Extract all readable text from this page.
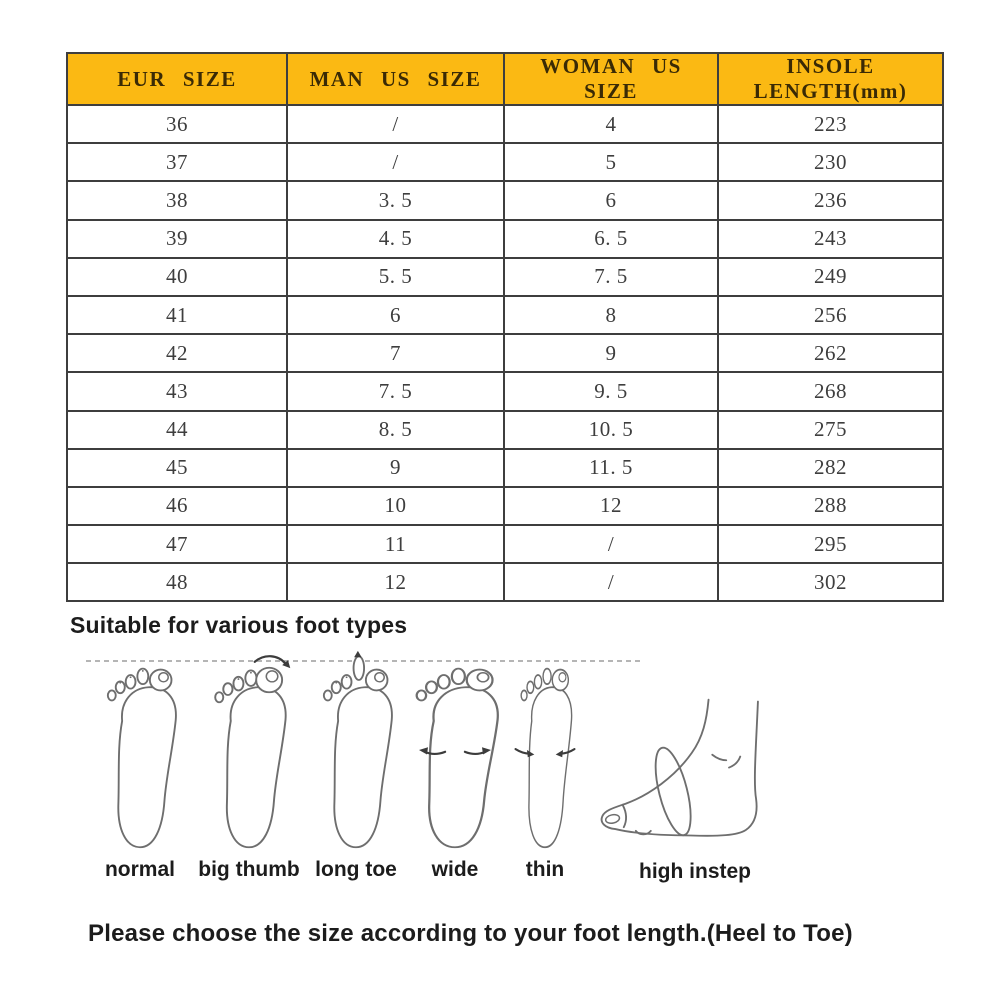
EUR SIZE	MAN US SIZE	WOMAN US SIZE	INSOLE LENGTH(mm)
36	/	4	223
37	/	5	230
38	3. 5	6	236
39	4. 5	6. 5	243
40	5. 5	7. 5	249
41	6	8	256
42	7	9	262
43	7. 5	9. 5	268
44	8. 5	10. 5	275
45	9	11. 5	282
46	10	12	288
47	11	/	295
48	12	/	302
Suitable for various foot types
normal big thumb long toe wide thin	high instep
Please choose the size according to your foot length.(Heel to Toe)
